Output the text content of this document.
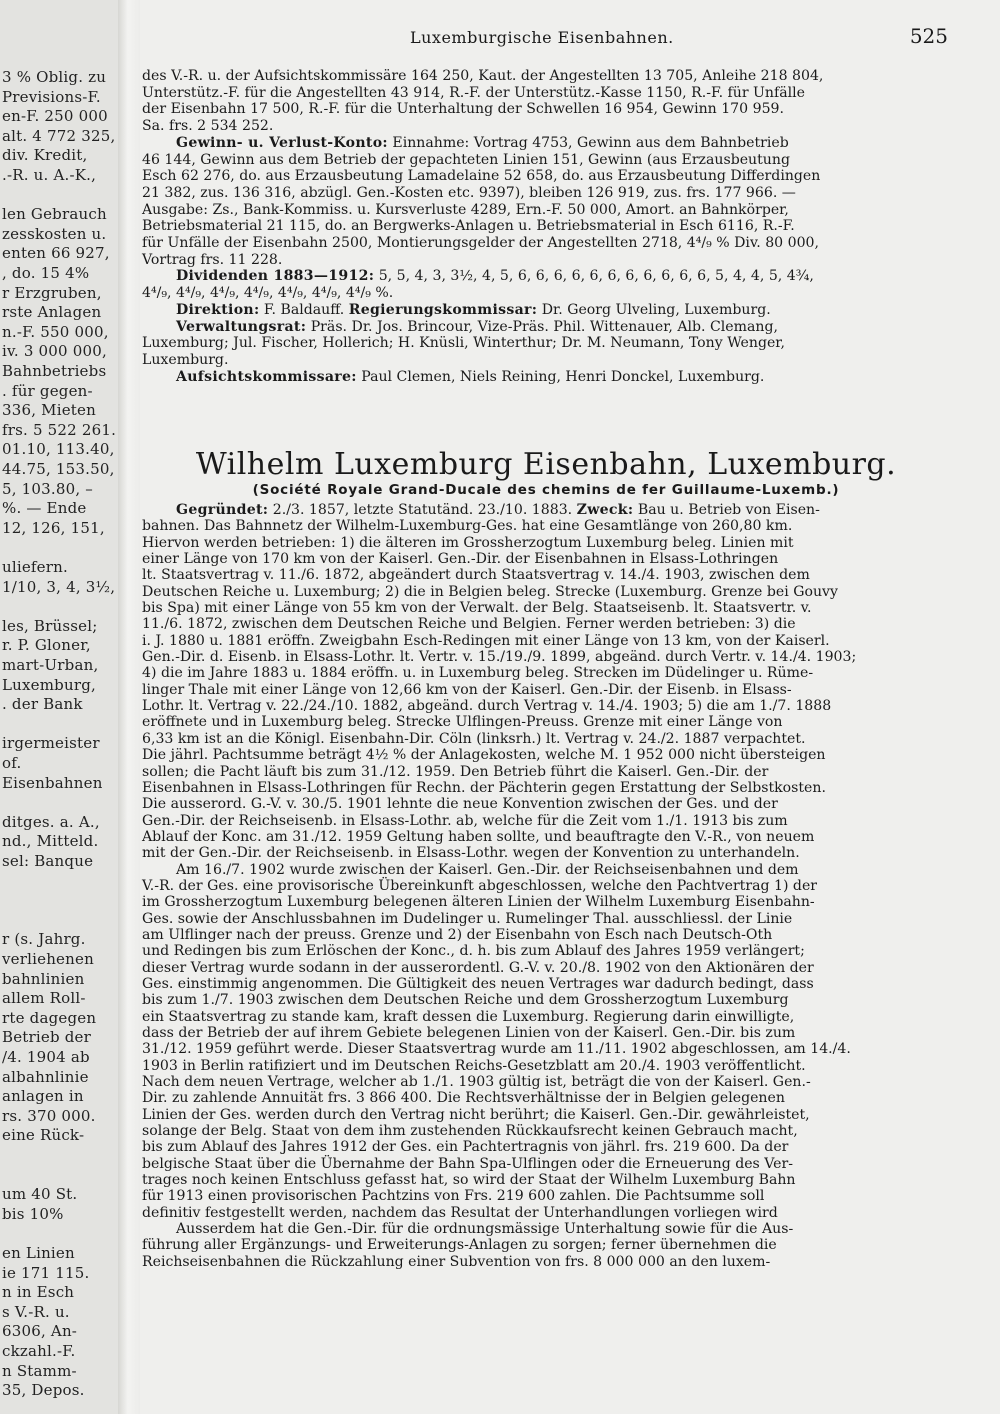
3 % Oblig. zu
Previsions-F.
en-F. 250 000
alt. 4 772 325,
div. Kredit,
.-R. u. A.-K.,
len Gebrauch
zesskosten u.
enten 66 927,
, do. 15 4%
r Erzgruben,
rste Anlagen
n.-F. 550 000,
iv. 3 000 000,
Bahnbetriebs
. für gegen-
336, Mieten
frs. 5 522 261.
01.10, 113.40,
44.75, 153.50,
5, 103.80, –
%. — Ende
12, 126, 151,
uliefern.
1/10, 3, 4, 3½,
les, Brüssel;
r. P. Gloner,
mart-Urban,
Luxemburg,
. der Bank
irgermeister
of.
Eisenbahnen
ditges. a. A.,
nd., Mitteld.
sel: Banque
r (s. Jahrg.
verliehenen
bahnlinien
allem Roll-
rte dagegen
Betrieb der
/4. 1904 ab
albahnlinie
anlagen in
rs. 370 000.
eine Rück-
um 40 St.
bis 10%
en Linien
ie 171 115.
n in Esch
s V.-R. u.
6306, An-
ckzahl.-F.
n Stamm-
35, Depos.
Luxemburgische Eisenbahnen.	525

des V.-R. u. der Aufsichtskommissäre 164 250, Kaut. der Angestellten 13 705, Anleihe 218 804,
Unterstütz.-F. für die Angestellten 43 914, R.-F. der Unterstütz.-Kasse 1150, R.-F. für Unfälle
der Eisenbahn 17 500, R.-F. für die Unterhaltung der Schwellen 16 954, Gewinn 170 959.
Sa. frs. 2 534 252.

Gewinn- u. Verlust-Konto: Einnahme: Vortrag 4753, Gewinn aus dem Bahnbetrieb
46 144, Gewinn aus dem Betrieb der gepachteten Linien 151, Gewinn (aus Erzausbeutung
Esch 62 276, do. aus Erzausbeutung Lamadelaine 52 658, do. aus Erzausbeutung Differdingen
21 382, zus. 136 316, abzügl. Gen.-Kosten etc. 9397), bleiben 126 919, zus. frs. 177 966. —
Ausgabe: Zs., Bank-Kommiss. u. Kursverluste 4289, Ern.-F. 50 000, Amort. an Bahnkörper,
Betriebsmaterial 21 115, do. an Bergwerks-Anlagen u. Betriebsmaterial in Esch 6116, R.-F.
für Unfälle der Eisenbahn 2500, Montierungsgelder der Angestellten 2718, 4⁴/₉ % Div. 80 000,
Vortrag frs. 11 228.

Dividenden 1883—1912: 5, 5, 4, 3, 3½, 4, 5, 6, 6, 6, 6, 6, 6, 6, 6, 6, 6, 6, 5, 4, 4, 5, 4¾,
4⁴/₉, 4⁴/₉, 4⁴/₉, 4⁴/₉, 4⁴/₉, 4⁴/₉, 4⁴/₉ %.

Direktion: F. Baldauff. Regierungskommissar: Dr. Georg Ulveling, Luxemburg.

Verwaltungsrat: Präs. Dr. Jos. Brincour, Vize-Präs. Phil. Wittenauer, Alb. Clemang,
Luxemburg; Jul. Fischer, Hollerich; H. Knüsli, Winterthur; Dr. M. Neumann, Tony Wenger,
Luxemburg.

Aufsichtskommissare: Paul Clemen, Niels Reining, Henri Donckel, Luxemburg.

Wilhelm Luxemburg Eisenbahn, Luxemburg.
(Société Royale Grand-Ducale des chemins de fer Guillaume-Luxemb.)

Gegründet: 2./3. 1857, letzte Statutänd. 23./10. 1883. Zweck: Bau u. Betrieb von Eisen-
bahnen. Das Bahnnetz der Wilhelm-Luxemburg-Ges. hat eine Gesamtlänge von 260,80 km.
Hiervon werden betrieben: 1) die älteren im Grossherzogtum Luxemburg beleg. Linien mit
einer Länge von 170 km von der Kaiserl. Gen.-Dir. der Eisenbahnen in Elsass-Lothringen
lt. Staatsvertrag v. 11./6. 1872, abgeändert durch Staatsvertrag v. 14./4. 1903, zwischen dem
Deutschen Reiche u. Luxemburg; 2) die in Belgien beleg. Strecke (Luxemburg. Grenze bei Gouvy
bis Spa) mit einer Länge von 55 km von der Verwalt. der Belg. Staatseisenb. lt. Staatsvertr. v.
11./6. 1872, zwischen dem Deutschen Reiche und Belgien. Ferner werden betrieben: 3) die
i. J. 1880 u. 1881 eröffn. Zweigbahn Esch-Redingen mit einer Länge von 13 km, von der Kaiserl.
Gen.-Dir. d. Eisenb. in Elsass-Lothr. lt. Vertr. v. 15./19./9. 1899, abgeänd. durch Vertr. v. 14./4. 1903;
4) die im Jahre 1883 u. 1884 eröffn. u. in Luxemburg beleg. Strecken im Düdelinger u. Rüme-
linger Thale mit einer Länge von 12,66 km von der Kaiserl. Gen.-Dir. der Eisenb. in Elsass-
Lothr. lt. Vertrag v. 22./24./10. 1882, abgeänd. durch Vertrag v. 14./4. 1903; 5) die am 1./7. 1888
eröffnete und in Luxemburg beleg. Strecke Ulflingen-Preuss. Grenze mit einer Länge von
6,33 km ist an die Königl. Eisenbahn-Dir. Cöln (linksrh.) lt. Vertrag v. 24./2. 1887 verpachtet.
Die jährl. Pachtsumme beträgt 4½ % der Anlagekosten, welche M. 1 952 000 nicht übersteigen
sollen; die Pacht läuft bis zum 31./12. 1959. Den Betrieb führt die Kaiserl. Gen.-Dir. der
Eisenbahnen in Elsass-Lothringen für Rechn. der Pächterin gegen Erstattung der Selbstkosten.
Die ausserord. G.-V. v. 30./5. 1901 lehnte die neue Konvention zwischen der Ges. und der
Gen.-Dir. der Reichseisenb. in Elsass-Lothr. ab, welche für die Zeit vom 1./1. 1913 bis zum
Ablauf der Konc. am 31./12. 1959 Geltung haben sollte, und beauftragte den V.-R., von neuem
mit der Gen.-Dir. der Reichseisenb. in Elsass-Lothr. wegen der Konvention zu unterhandeln.

Am 16./7. 1902 wurde zwischen der Kaiserl. Gen.-Dir. der Reichseisenbahnen und dem
V.-R. der Ges. eine provisorische Übereinkunft abgeschlossen, welche den Pachtvertrag 1) der
im Grossherzogtum Luxemburg belegenen älteren Linien der Wilhelm Luxemburg Eisenbahn-
Ges. sowie der Anschlussbahnen im Dudelinger u. Rumelinger Thal. ausschliessl. der Linie
am Ulflinger nach der preuss. Grenze und 2) der Eisenbahn von Esch nach Deutsch-Oth
und Redingen bis zum Erlöschen der Konc., d. h. bis zum Ablauf des Jahres 1959 verlängert;
dieser Vertrag wurde sodann in der ausserordentl. G.-V. v. 20./8. 1902 von den Aktionären der
Ges. einstimmig angenommen. Die Gültigkeit des neuen Vertrages war dadurch bedingt, dass
bis zum 1./7. 1903 zwischen dem Deutschen Reiche und dem Grossherzogtum Luxemburg
ein Staatsvertrag zu stande kam, kraft dessen die Luxemburg. Regierung darin einwilligte,
dass der Betrieb der auf ihrem Gebiete belegenen Linien von der Kaiserl. Gen.-Dir. bis zum
31./12. 1959 geführt werde. Dieser Staatsvertrag wurde am 11./11. 1902 abgeschlossen, am 14./4.
1903 in Berlin ratifiziert und im Deutschen Reichs-Gesetzblatt am 20./4. 1903 veröffentlicht.
Nach dem neuen Vertrage, welcher ab 1./1. 1903 gültig ist, beträgt die von der Kaiserl. Gen.-
Dir. zu zahlende Annuität frs. 3 866 400. Die Rechtsverhältnisse der in Belgien gelegenen
Linien der Ges. werden durch den Vertrag nicht berührt; die Kaiserl. Gen.-Dir. gewährleistet,
solange der Belg. Staat von dem ihm zustehenden Rückkaufsrecht keinen Gebrauch macht,
bis zum Ablauf des Jahres 1912 der Ges. ein Pachtertragnis von jährl. frs. 219 600. Da der
belgische Staat über die Übernahme der Bahn Spa-Ulflingen oder die Erneuerung des Ver-
trages noch keinen Entschluss gefasst hat, so wird der Staat der Wilhelm Luxemburg Bahn
für 1913 einen provisorischen Pachtzins von Frs. 219 600 zahlen. Die Pachtsumme soll
definitiv festgestellt werden, nachdem das Resultat der Unterhandlungen vorliegen wird

Ausserdem hat die Gen.-Dir. für die ordnungsmässige Unterhaltung sowie für die Aus-
führung aller Ergänzungs- und Erweiterungs-Anlagen zu sorgen; ferner übernehmen die
Reichseisenbahnen die Rückzahlung einer Subvention von frs. 8 000 000 an den luxem-
